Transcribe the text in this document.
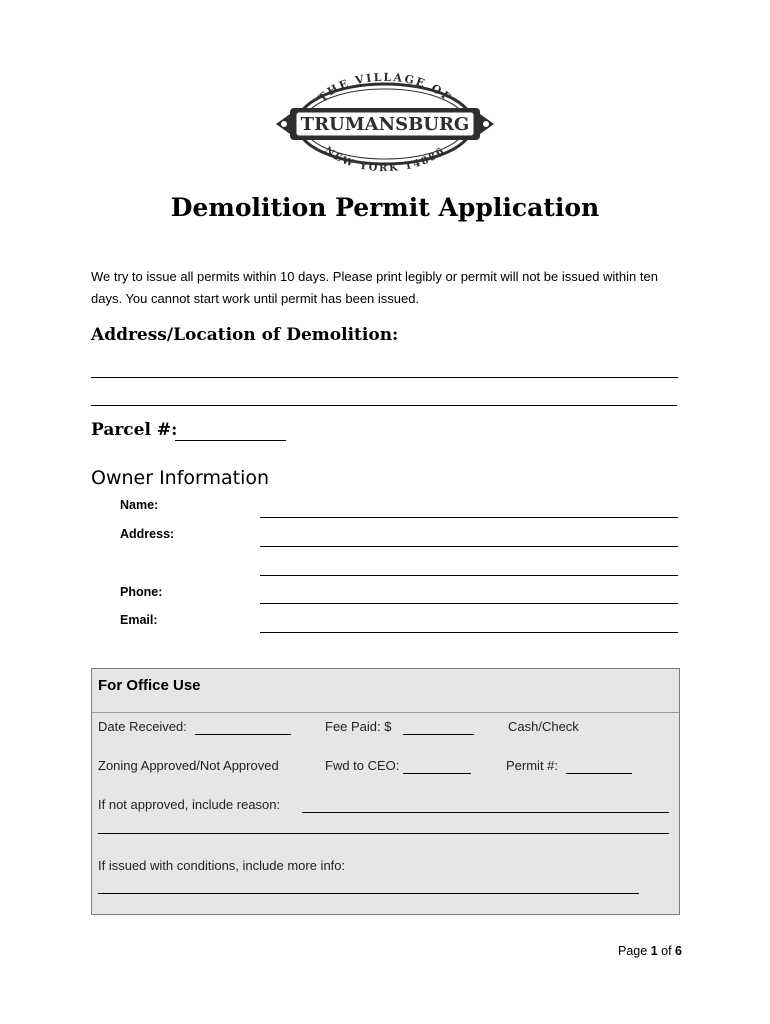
THE VILLAGE OF
TRUMANSBURG
NEW YORK 14886
Demolition Permit Application
We try to issue all permits within 10 days. Please print legibly or permit will not be issued within ten days. You cannot start work until permit has been issued.
Address/Location of Demolition:
Parcel #:
Owner Information
Name:
Address:
Phone:
Email:
For Office Use
Date Received:	Fee Paid: $	Cash/Check
Zoning Approved/Not Approved	Fwd to CEO:	Permit #:
If not approved, include reason:
If issued with conditions, include more info:
Page 1 of 6
